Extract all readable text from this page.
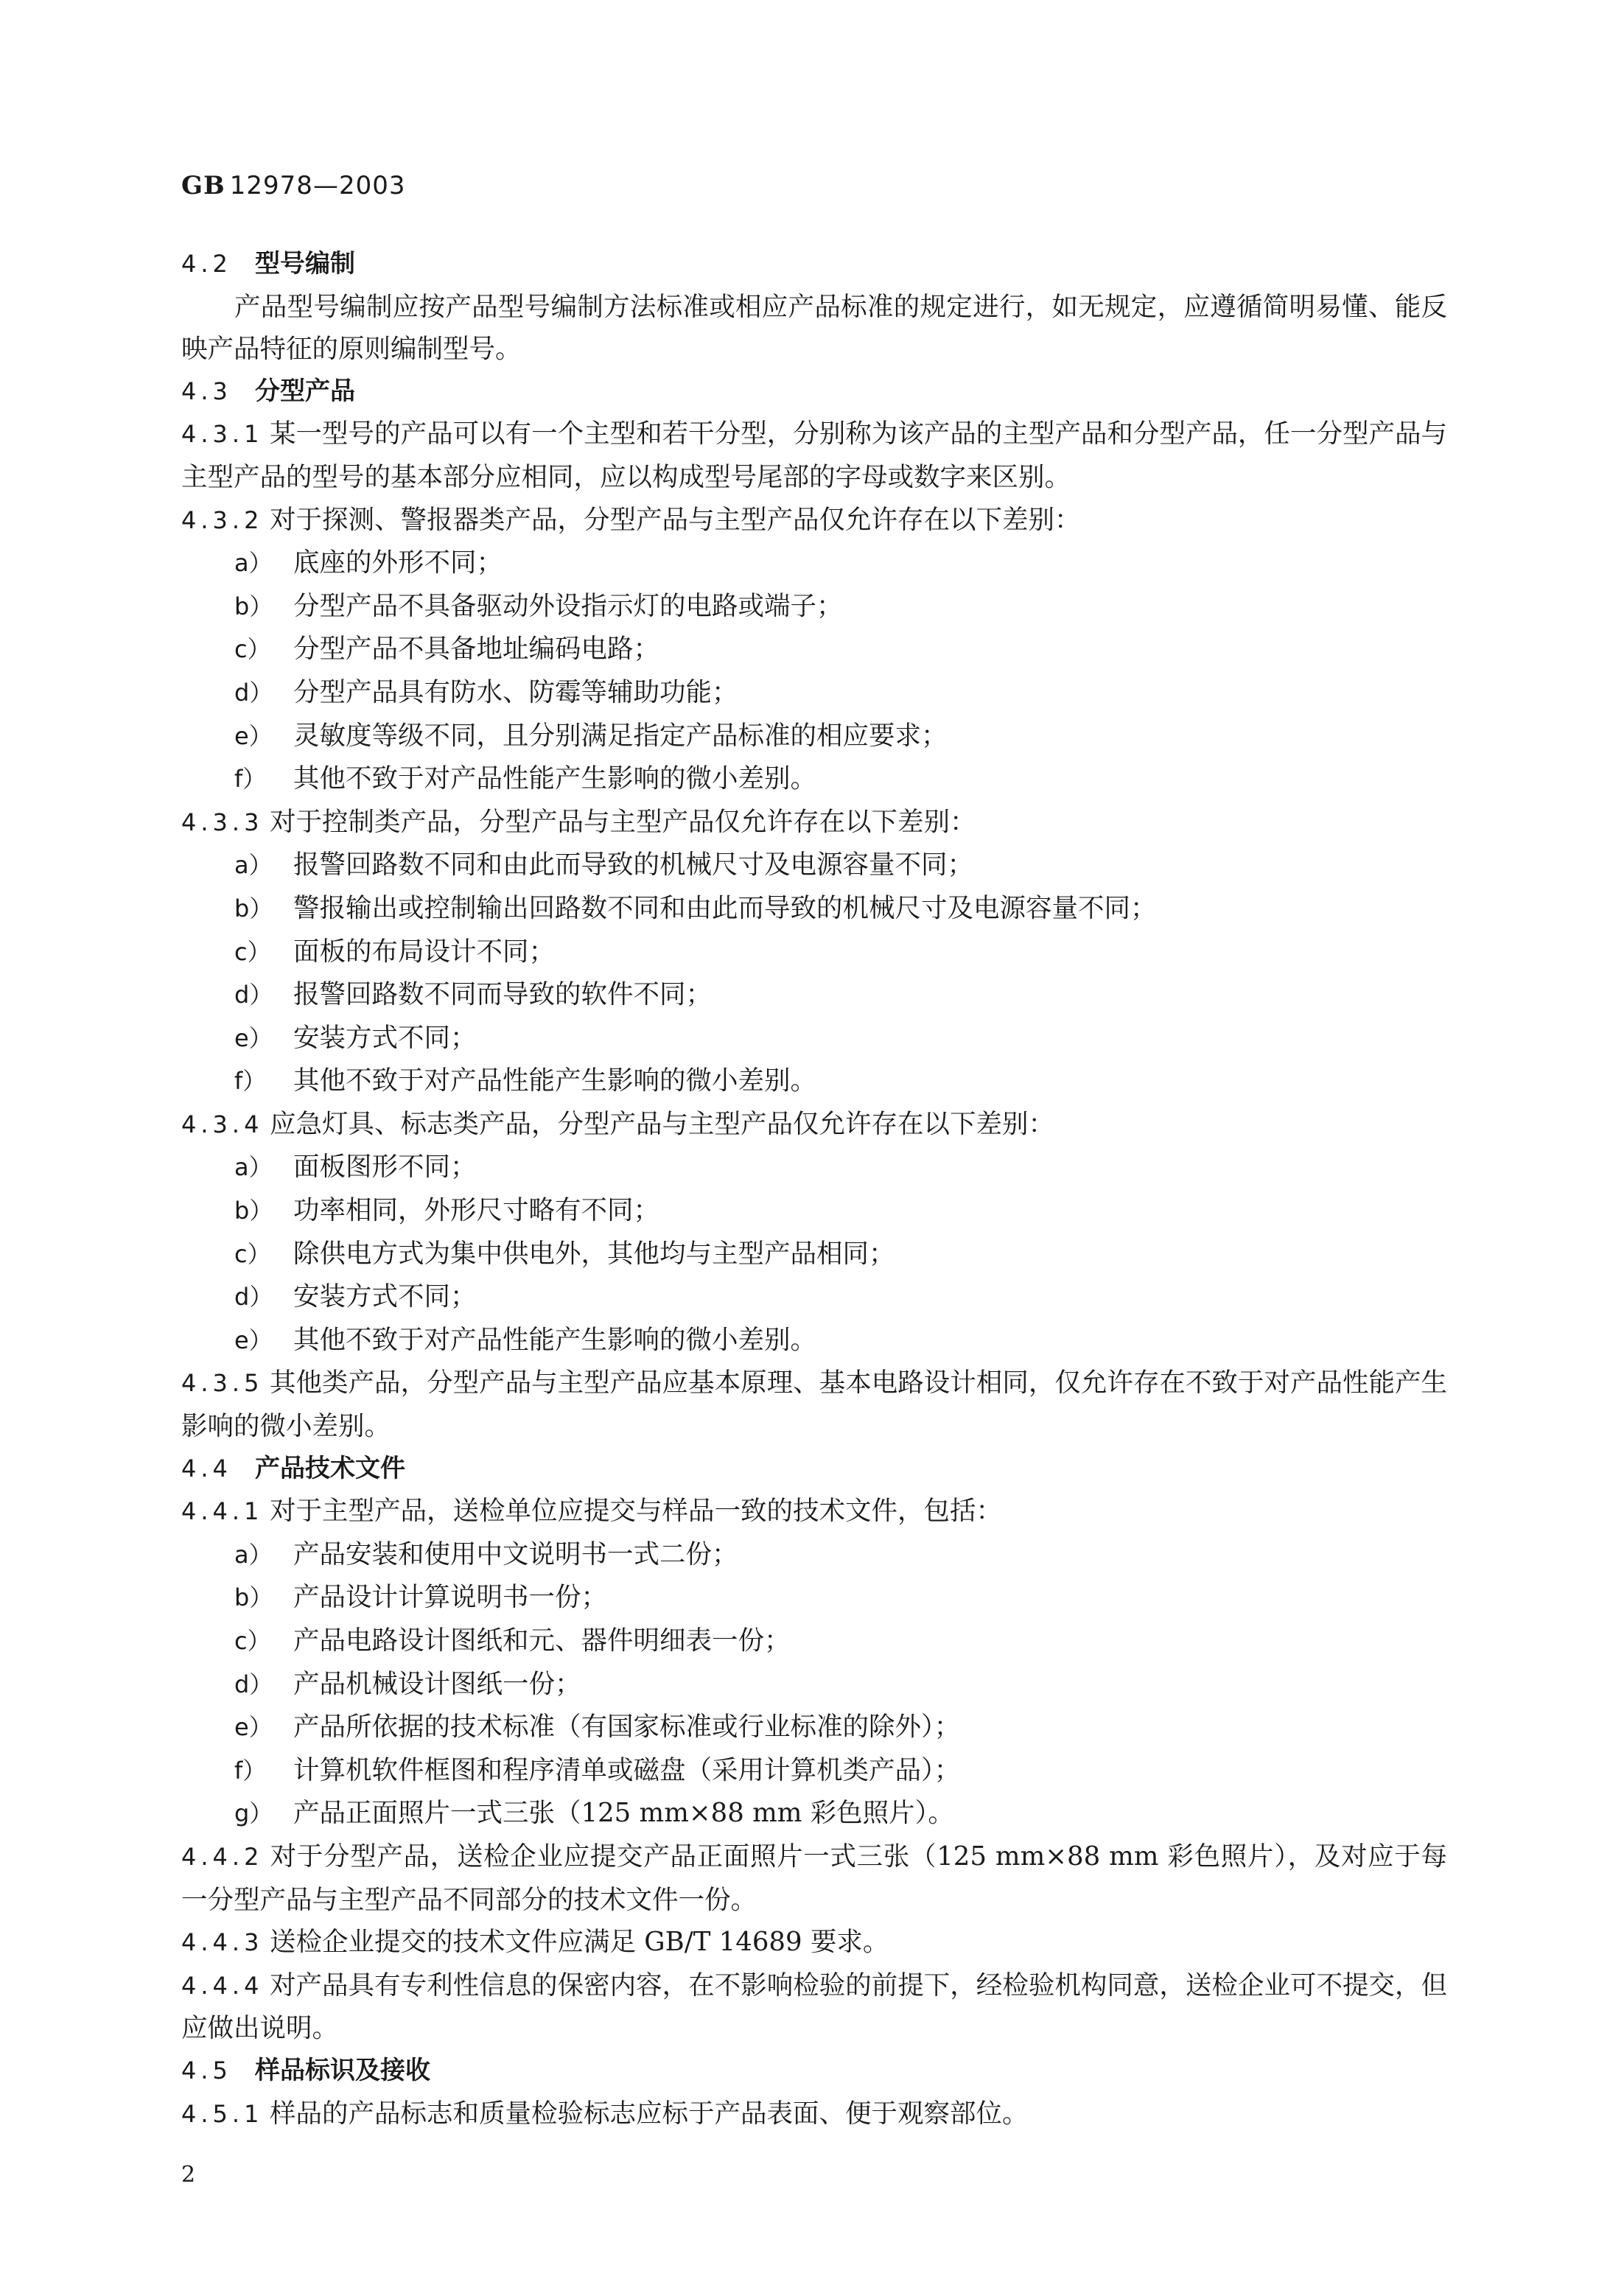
GB 12978—2003
4.2 型号编制
产品型号编制应按产品型号编制方法标准或相应产品标准的规定进行，如无规定，应遵循简明易懂、能反映产品特征的原则编制型号。
4.3 分型产品
4.3.1 某一型号的产品可以有一个主型和若干分型，分别称为该产品的主型产品和分型产品，任一分型产品与主型产品的型号的基本部分应相同，应以构成型号尾部的字母或数字来区别。
4.3.2 对于探测、警报器类产品，分型产品与主型产品仅允许存在以下差别：
a） 底座的外形不同；
b） 分型产品不具备驱动外设指示灯的电路或端子；
c） 分型产品不具备地址编码电路；
d） 分型产品具有防水、防霉等辅助功能；
e） 灵敏度等级不同，且分别满足指定产品标准的相应要求；
f） 其他不致于对产品性能产生影响的微小差别。
4.3.3 对于控制类产品，分型产品与主型产品仅允许存在以下差别：
a） 报警回路数不同和由此而导致的机械尺寸及电源容量不同；
b） 警报输出或控制输出回路数不同和由此而导致的机械尺寸及电源容量不同；
c） 面板的布局设计不同；
d） 报警回路数不同而导致的软件不同；
e） 安装方式不同；
f） 其他不致于对产品性能产生影响的微小差别。
4.3.4 应急灯具、标志类产品，分型产品与主型产品仅允许存在以下差别：
a） 面板图形不同；
b） 功率相同，外形尺寸略有不同；
c） 除供电方式为集中供电外，其他均与主型产品相同；
d） 安装方式不同；
e） 其他不致于对产品性能产生影响的微小差别。
4.3.5 其他类产品，分型产品与主型产品应基本原理、基本电路设计相同，仅允许存在不致于对产品性能产生影响的微小差别。
4.4 产品技术文件
4.4.1 对于主型产品，送检单位应提交与样品一致的技术文件，包括：
a） 产品安装和使用中文说明书一式二份；
b） 产品设计计算说明书一份；
c） 产品电路设计图纸和元、器件明细表一份；
d） 产品机械设计图纸一份；
e） 产品所依据的技术标准（有国家标准或行业标准的除外）；
f） 计算机软件框图和程序清单或磁盘（采用计算机类产品）；
g） 产品正面照片一式三张（125 mm×88 mm 彩色照片）。
4.4.2 对于分型产品，送检企业应提交产品正面照片一式三张（125 mm×88 mm 彩色照片），及对应于每一分型产品与主型产品不同部分的技术文件一份。
4.4.3 送检企业提交的技术文件应满足 GB/T 14689 要求。
4.4.4 对产品具有专利性信息的保密内容，在不影响检验的前提下，经检验机构同意，送检企业可不提交，但应做出说明。
4.5 样品标识及接收
4.5.1 样品的产品标志和质量检验标志应标于产品表面、便于观察部位。
2
